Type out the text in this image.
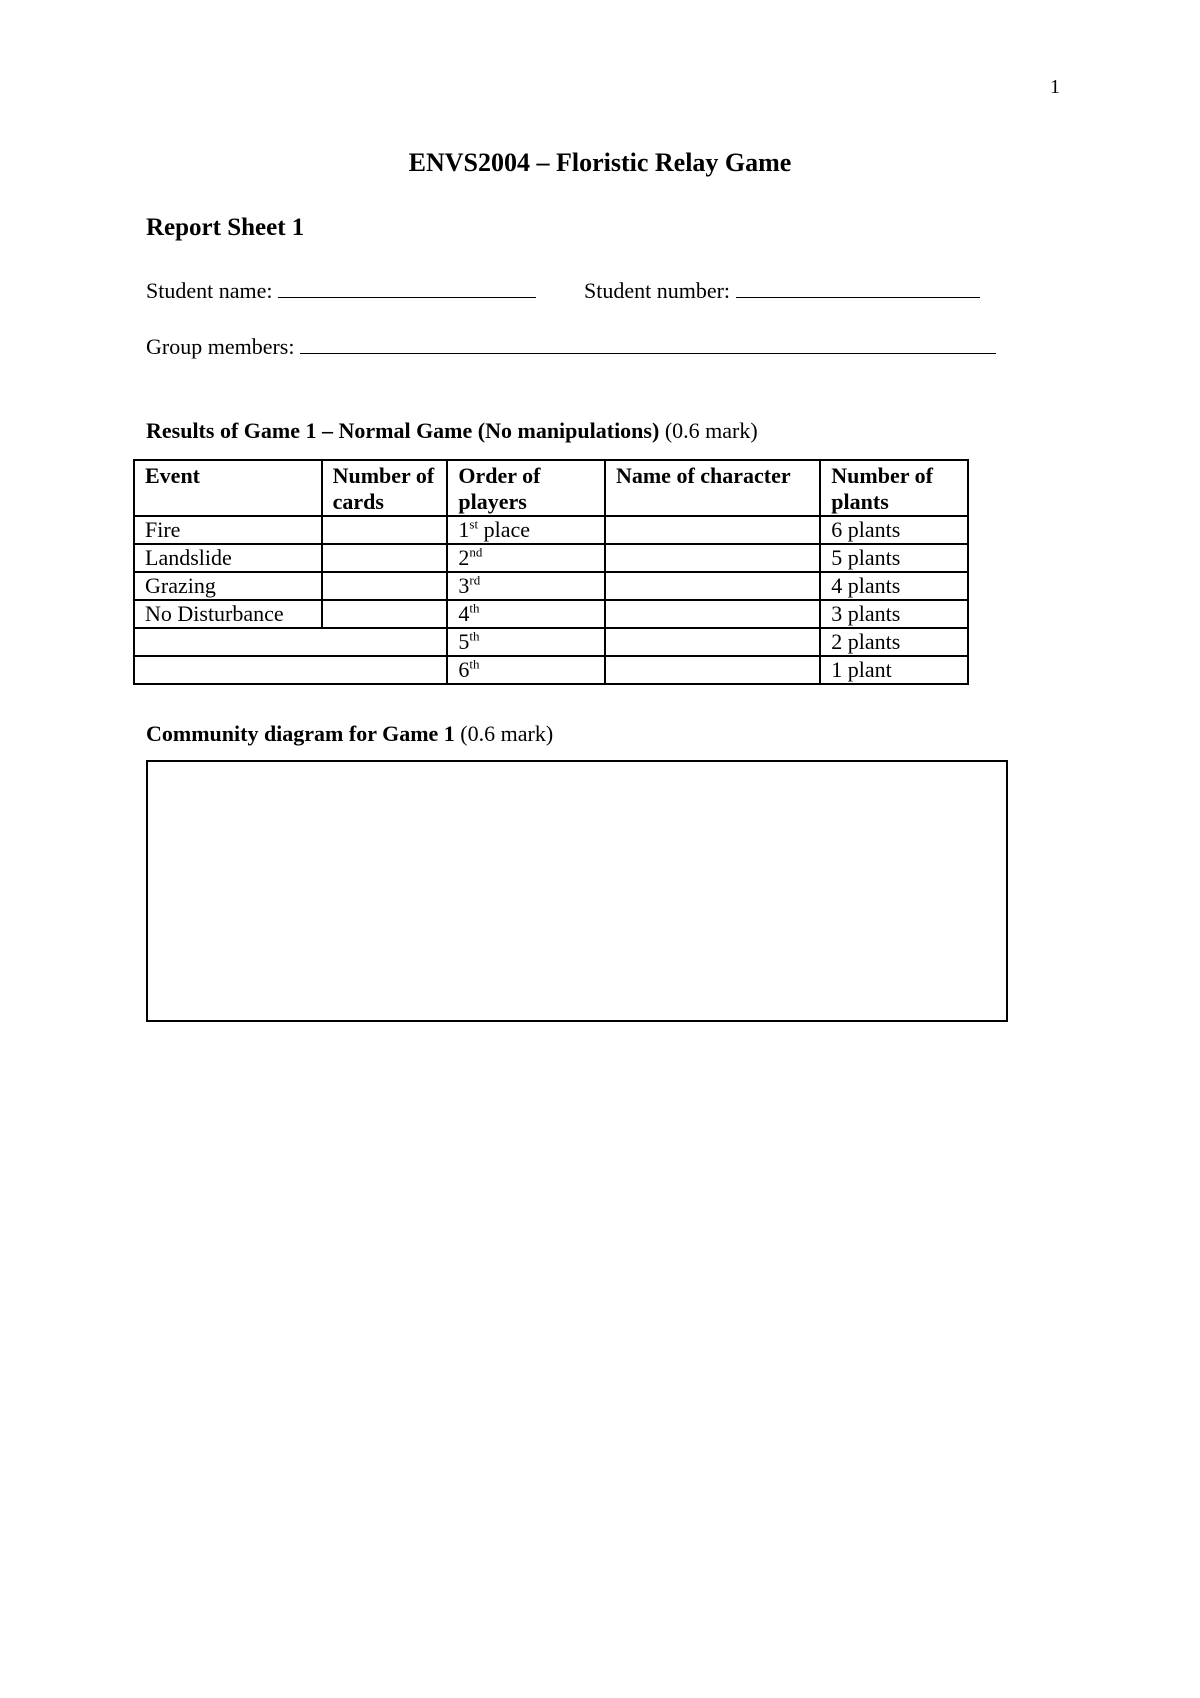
1
ENVS2004 – Floristic Relay Game
Report Sheet 1
Student name:	Student number:
Group members:
Results of Game 1 – Normal Game (No manipulations) (0.6 mark)
Event	Number of cards	Order of players	Name of character	Number of plants
Fire		1st place		6 plants
Landslide		2nd		5 plants
Grazing		3rd		4 plants
No Disturbance		4th		3 plants
		5th		2 plants
		6th		1 plant
Community diagram for Game 1 (0.6 mark)
